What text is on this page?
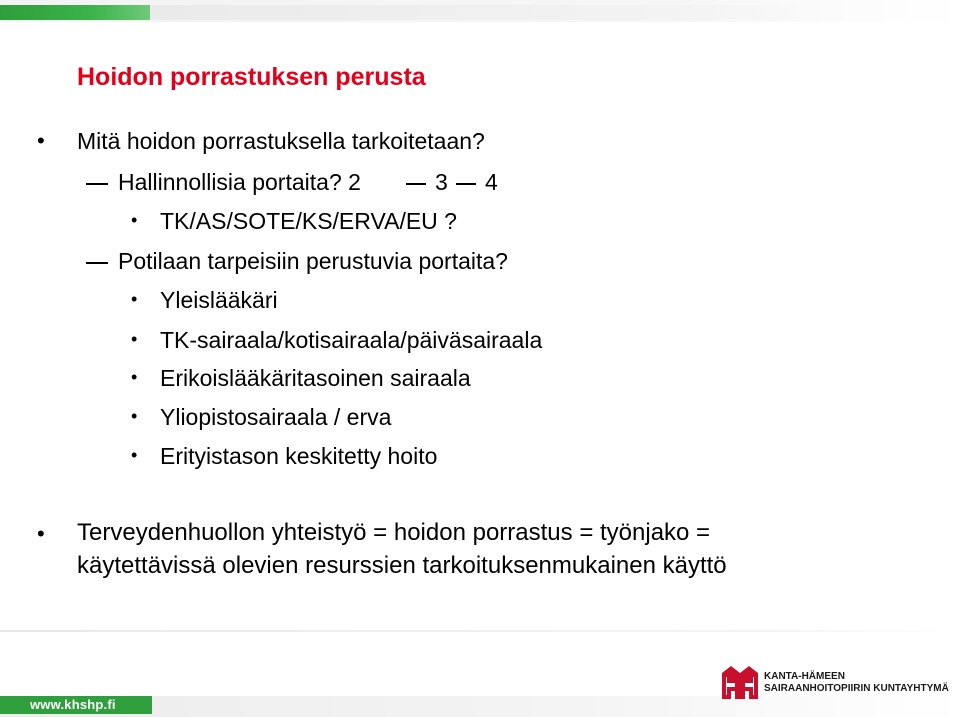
Hoidon porrastuksen perusta
• Mitä hoidon porrastuksella tarkoitetaan?
Hallinnollisia portaita? 2	3 4
• TK/AS/SOTE/KS/ERVA/EU ?
Potilaan tarpeisiin perustuvia portaita?
• Yleislääkäri
• TK-sairaala/kotisairaala/päiväsairaala
• Erikoislääkäritasoinen sairaala
• Yliopistosairaala / erva
• Erityistason keskitetty hoito
• Terveydenhuollon yhteistyö = hoidon porrastus = työnjako =
käytettävissä olevien resurssien tarkoituksenmukainen käyttö
www.khshp.fi
KANTA-HÄMEEN
SAIRAANHOITOPIIRIN KUNTAYHTYMÄ
